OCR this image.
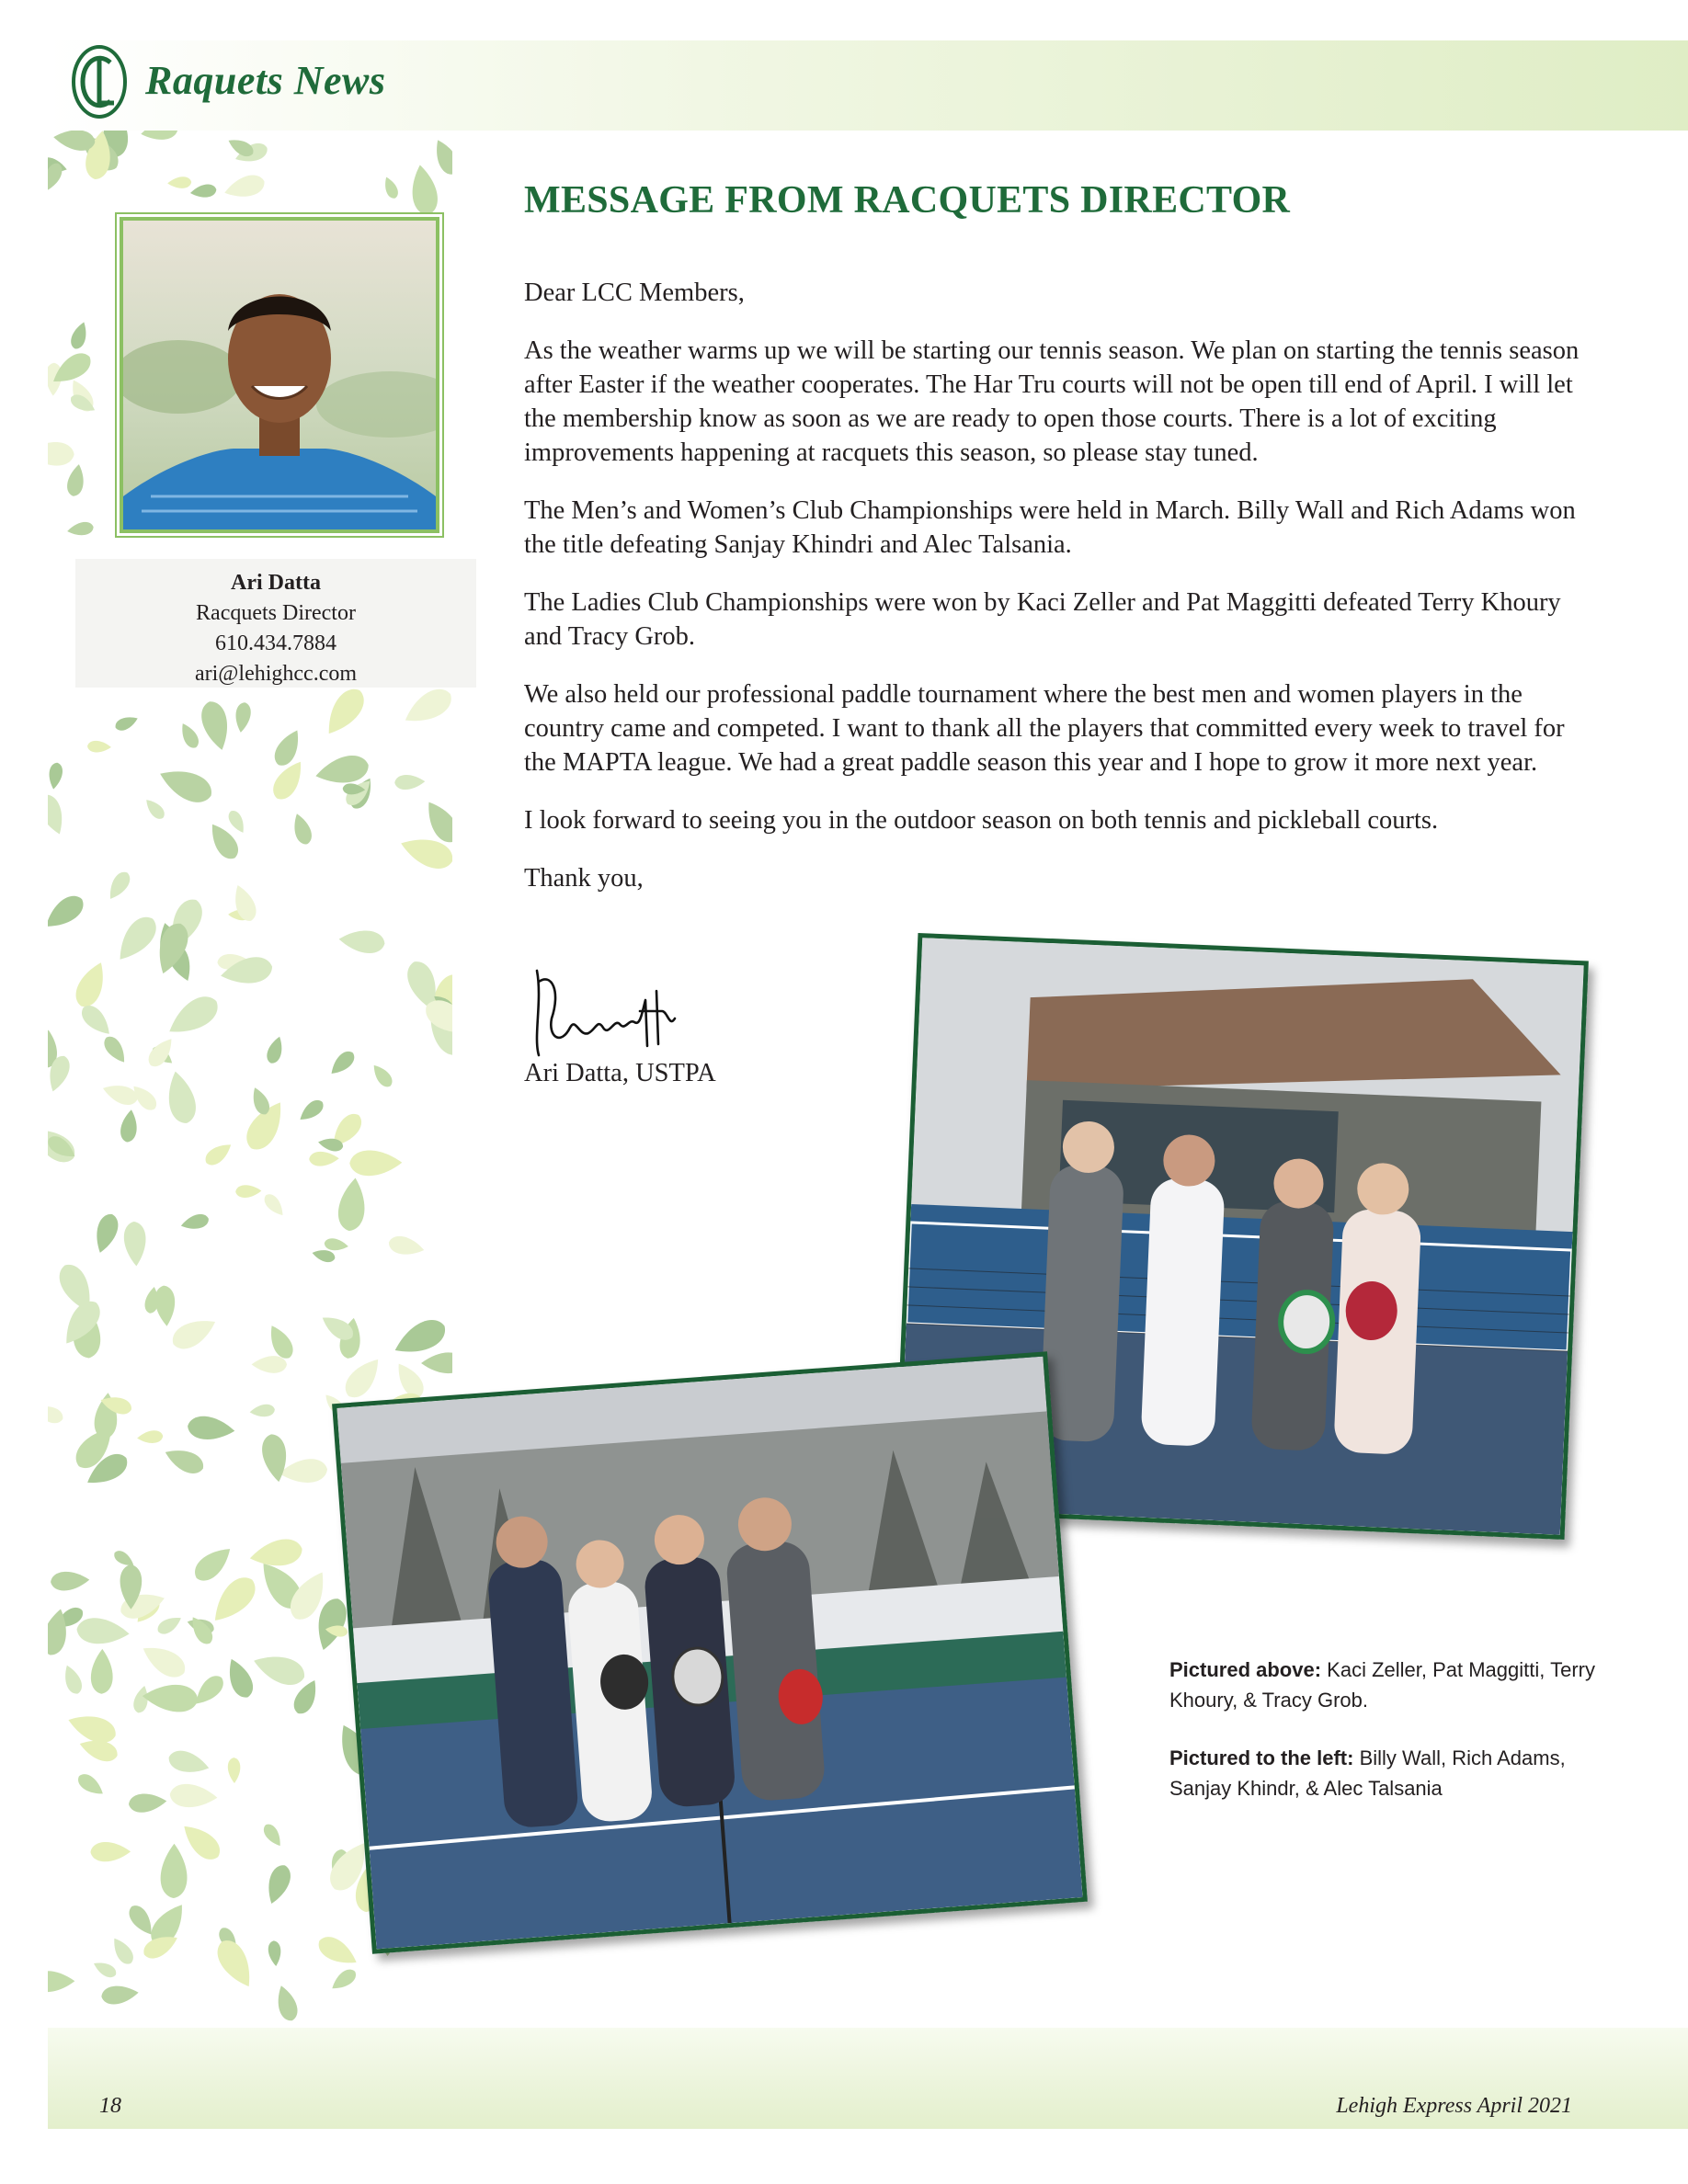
Raquets News
Ari Datta
Racquets Director
610.434.7884
ari@lehighcc.com
MESSAGE FROM RACQUETS DIRECTOR

Dear LCC Members,

As the weather warms up we will be starting our tennis season. We plan on starting the tennis season after Easter if the weather cooperates. The Har Tru courts will not be open till end of April. I will let the membership know as soon as we are ready to open those courts. There is a lot of exciting improvements happening at racquets this season, so please stay tuned.

The Men’s and Women’s Club Championships were held in March. Billy Wall and Rich Adams won the title defeating Sanjay Khindri and Alec Talsania.

The Ladies Club Championships were won by Kaci Zeller and Pat Maggitti defeated Terry Khoury and Tracy Grob.

We also held our professional paddle tournament where the best men and women players in the country came and competed. I want to thank all the players that committed every week to travel for the MAPTA league. We had a great paddle season this year and I hope to grow it more next year.

I look forward to seeing you in the outdoor season on both tennis and pickleball courts.

Thank you,

Ari Datta, USTPA

Pictured above: Kaci Zeller, Pat Maggitti, Terry Khoury, & Tracy Grob.

Pictured to the left: Billy Wall, Rich Adams, Sanjay Khindr, & Alec Talsania

18	Lehigh Express April 2021
